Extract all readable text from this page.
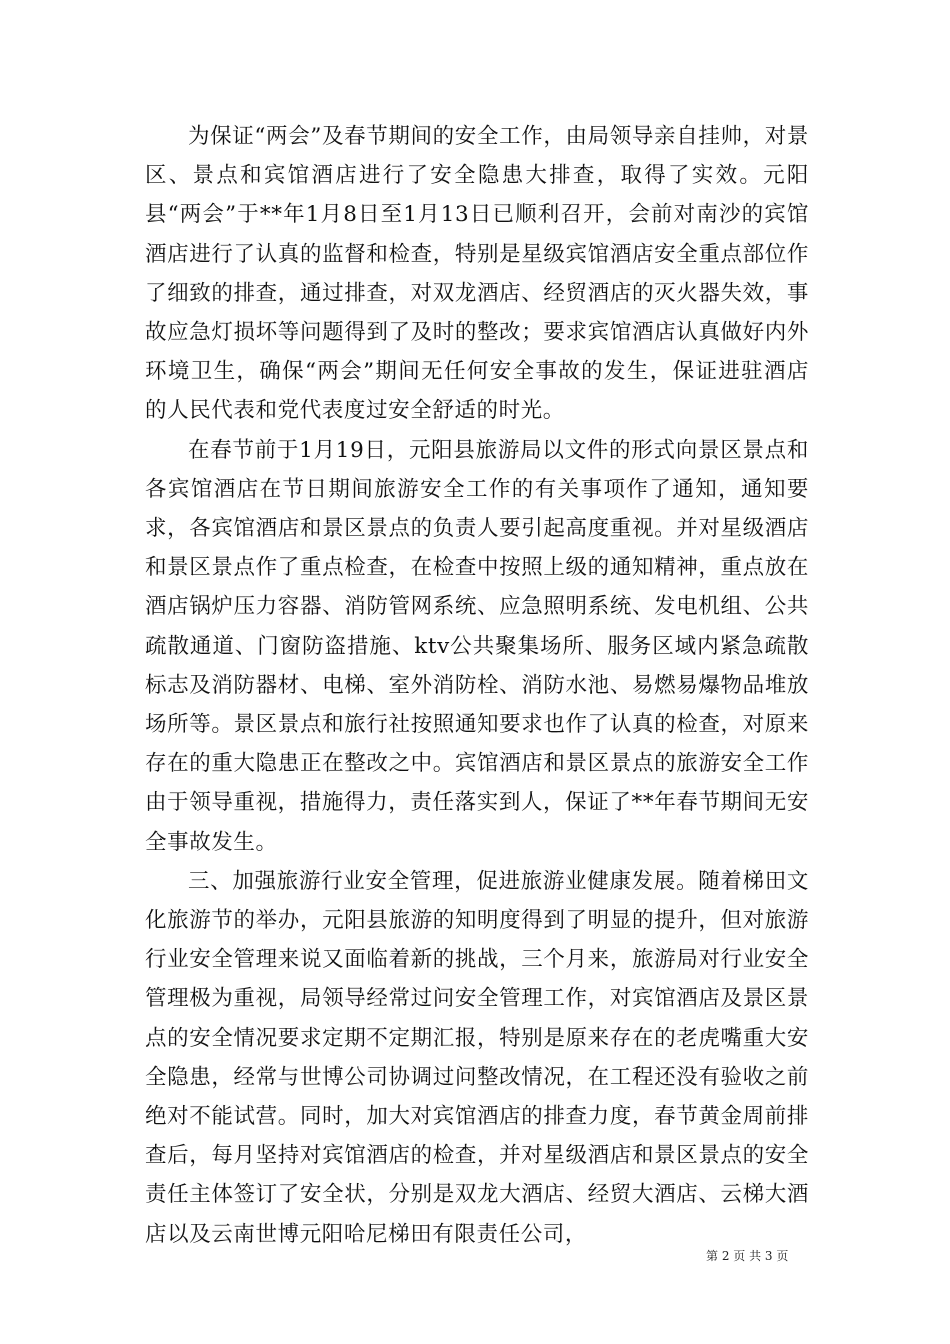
为保证“两会”及春节期间的安全工作，由局领导亲自挂帅，对景区、景点和宾馆酒店进行了安全隐患大排查，取得了实效。元阳县“两会”于**年1月8日至1月13日已顺利召开，会前对南沙的宾馆酒店进行了认真的监督和检查，特别是星级宾馆酒店安全重点部位作了细致的排查，通过排查，对双龙酒店、经贸酒店的灭火器失效，事故应急灯损坏等问题得到了及时的整改；要求宾馆酒店认真做好内外环境卫生，确保“两会”期间无任何安全事故的发生，保证进驻酒店的人民代表和党代表度过安全舒适的时光。

在春节前于1月19日，元阳县旅游局以文件的形式向景区景点和各宾馆酒店在节日期间旅游安全工作的有关事项作了通知，通知要求，各宾馆酒店和景区景点的负责人要引起高度重视。并对星级酒店和景区景点作了重点检查，在检查中按照上级的通知精神，重点放在酒店锅炉压力容器、消防管网系统、应急照明系统、发电机组、公共疏散通道、门窗防盗措施、ktv公共聚集场所、服务区域内紧急疏散标志及消防器材、电梯、室外消防栓、消防水池、易燃易爆物品堆放场所等。景区景点和旅行社按照通知要求也作了认真的检查，对原来存在的重大隐患正在整改之中。宾馆酒店和景区景点的旅游安全工作由于领导重视，措施得力，责任落实到人，保证了**年春节期间无安全事故发生。

三、加强旅游行业安全管理，促进旅游业健康发展。随着梯田文化旅游节的举办，元阳县旅游的知明度得到了明显的提升，但对旅游行业安全管理来说又面临着新的挑战，三个月来，旅游局对行业安全管理极为重视，局领导经常过问安全管理工作，对宾馆酒店及景区景点的安全情况要求定期不定期汇报，特别是原来存在的老虎嘴重大安全隐患，经常与世博公司协调过问整改情况，在工程还没有验收之前绝对不能试营。同时，加大对宾馆酒店的排查力度，春节黄金周前排查后，每月坚持对宾馆酒店的检查，并对星级酒店和景区景点的安全责任主体签订了安全状，分别是双龙大酒店、经贸大酒店、云梯大酒店以及云南世博元阳哈尼梯田有限责任公司，

第 2 页 共 3 页
